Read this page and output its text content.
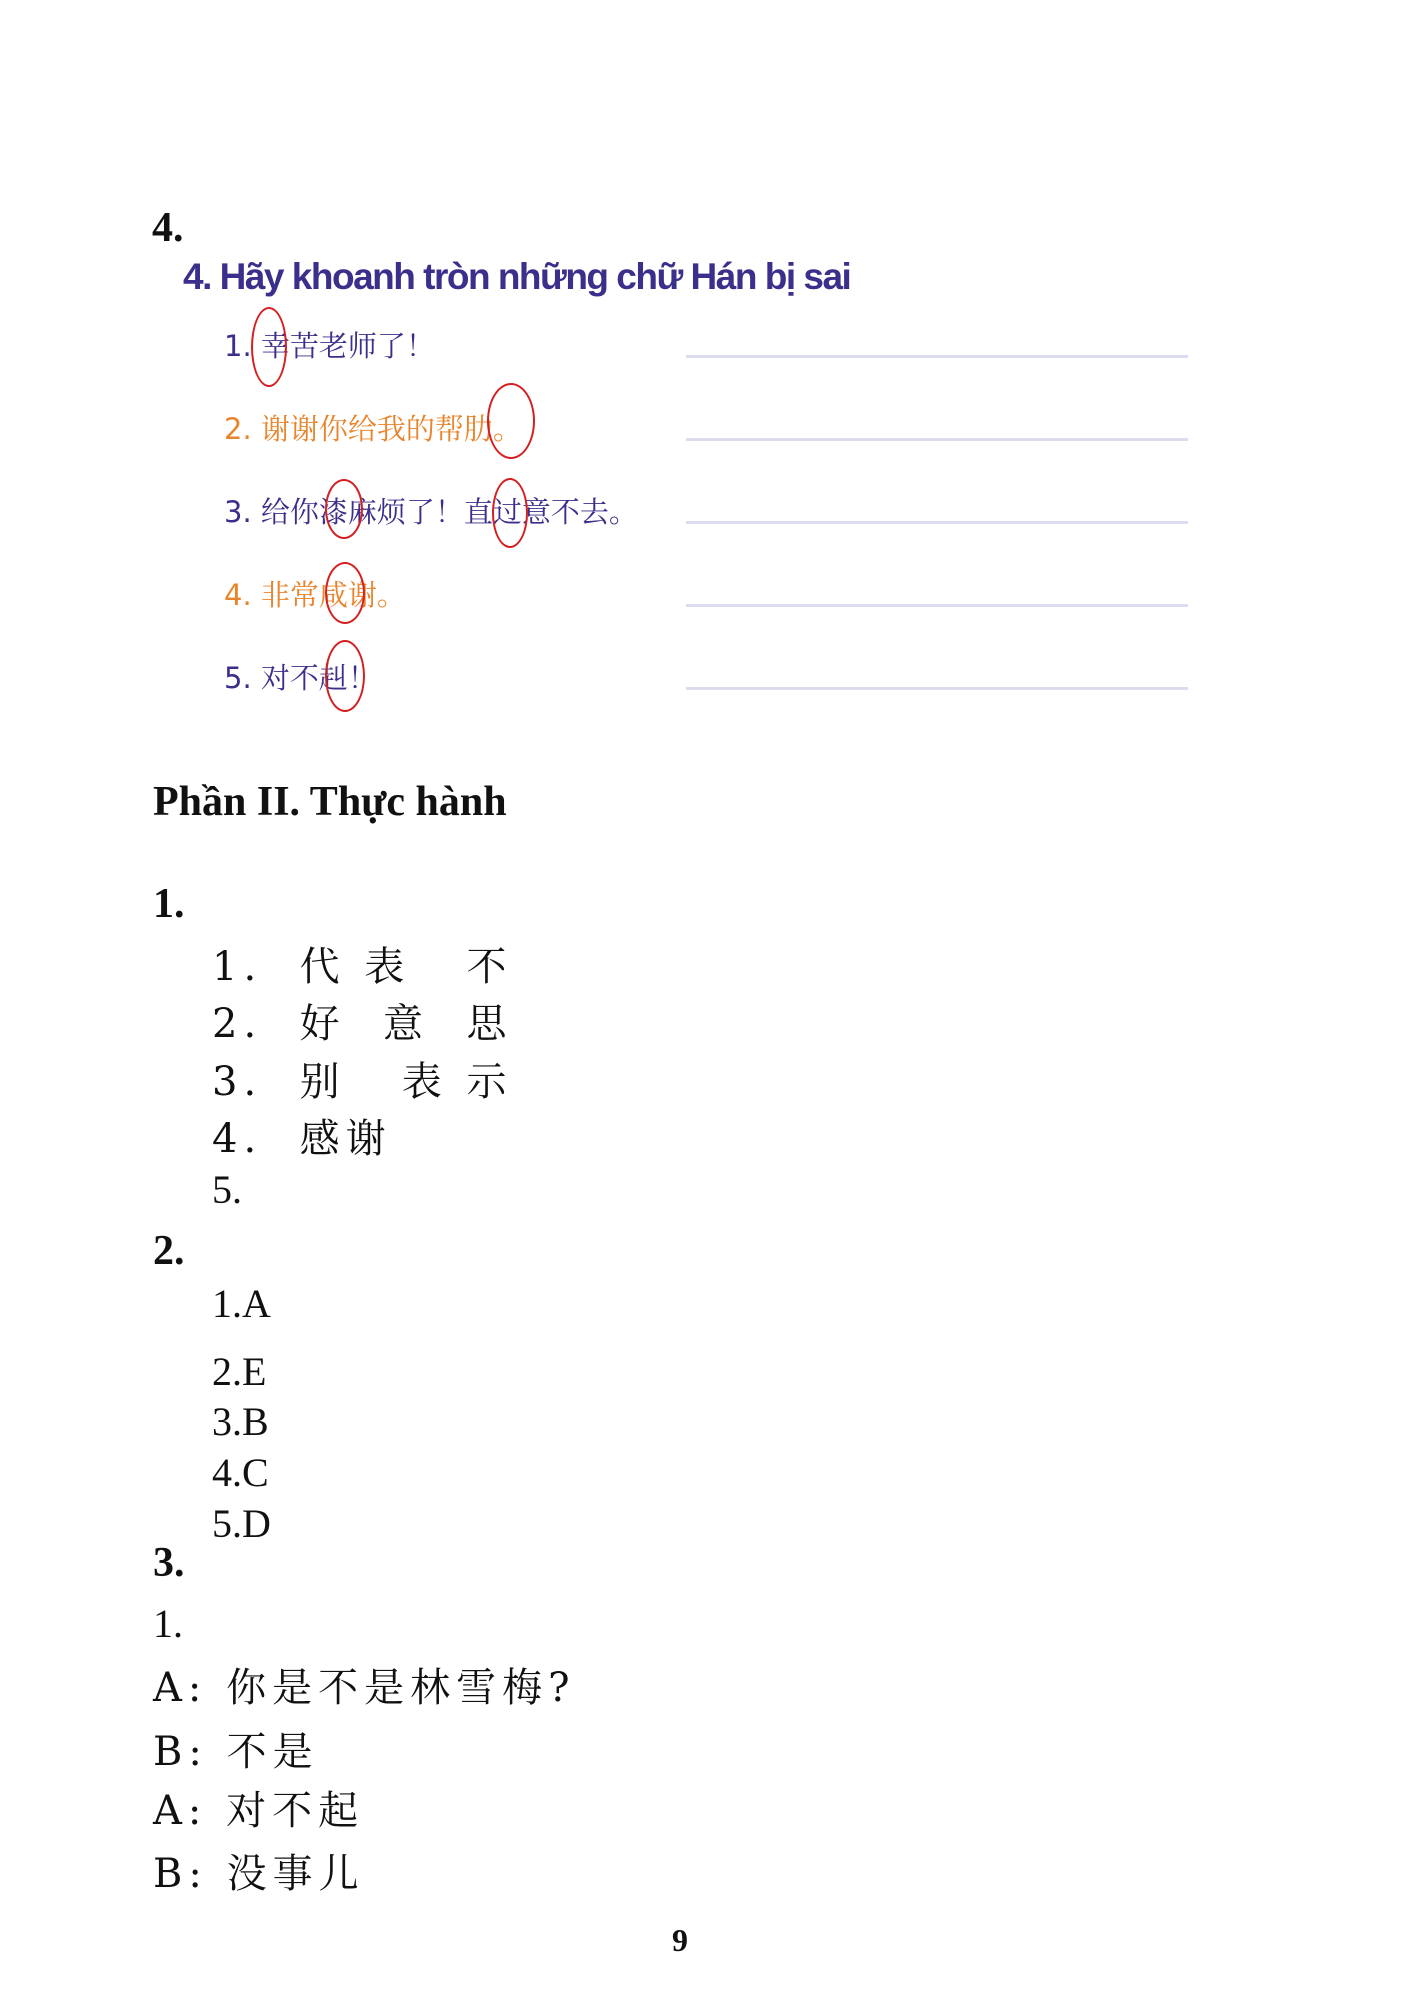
4.
4. Hãy khoanh tròn những chữ Hán bị sai
1. 幸苦老师了！
2. 谢谢你给我的帮肋。
3. 给你漆麻烦了！直过意不去。
4. 非常咸谢。
5. 对不赳！
Phần II. Thực hành
1.
1.  代 表   不
2.  好  意  思
3.  别   表 示
4.  感谢
5.
2.
1.A
2.E
3.B
4.C
5.D
3.
1.
A: 你是不是林雪梅?
B: 不是
A: 对不起
B: 没事儿
9
